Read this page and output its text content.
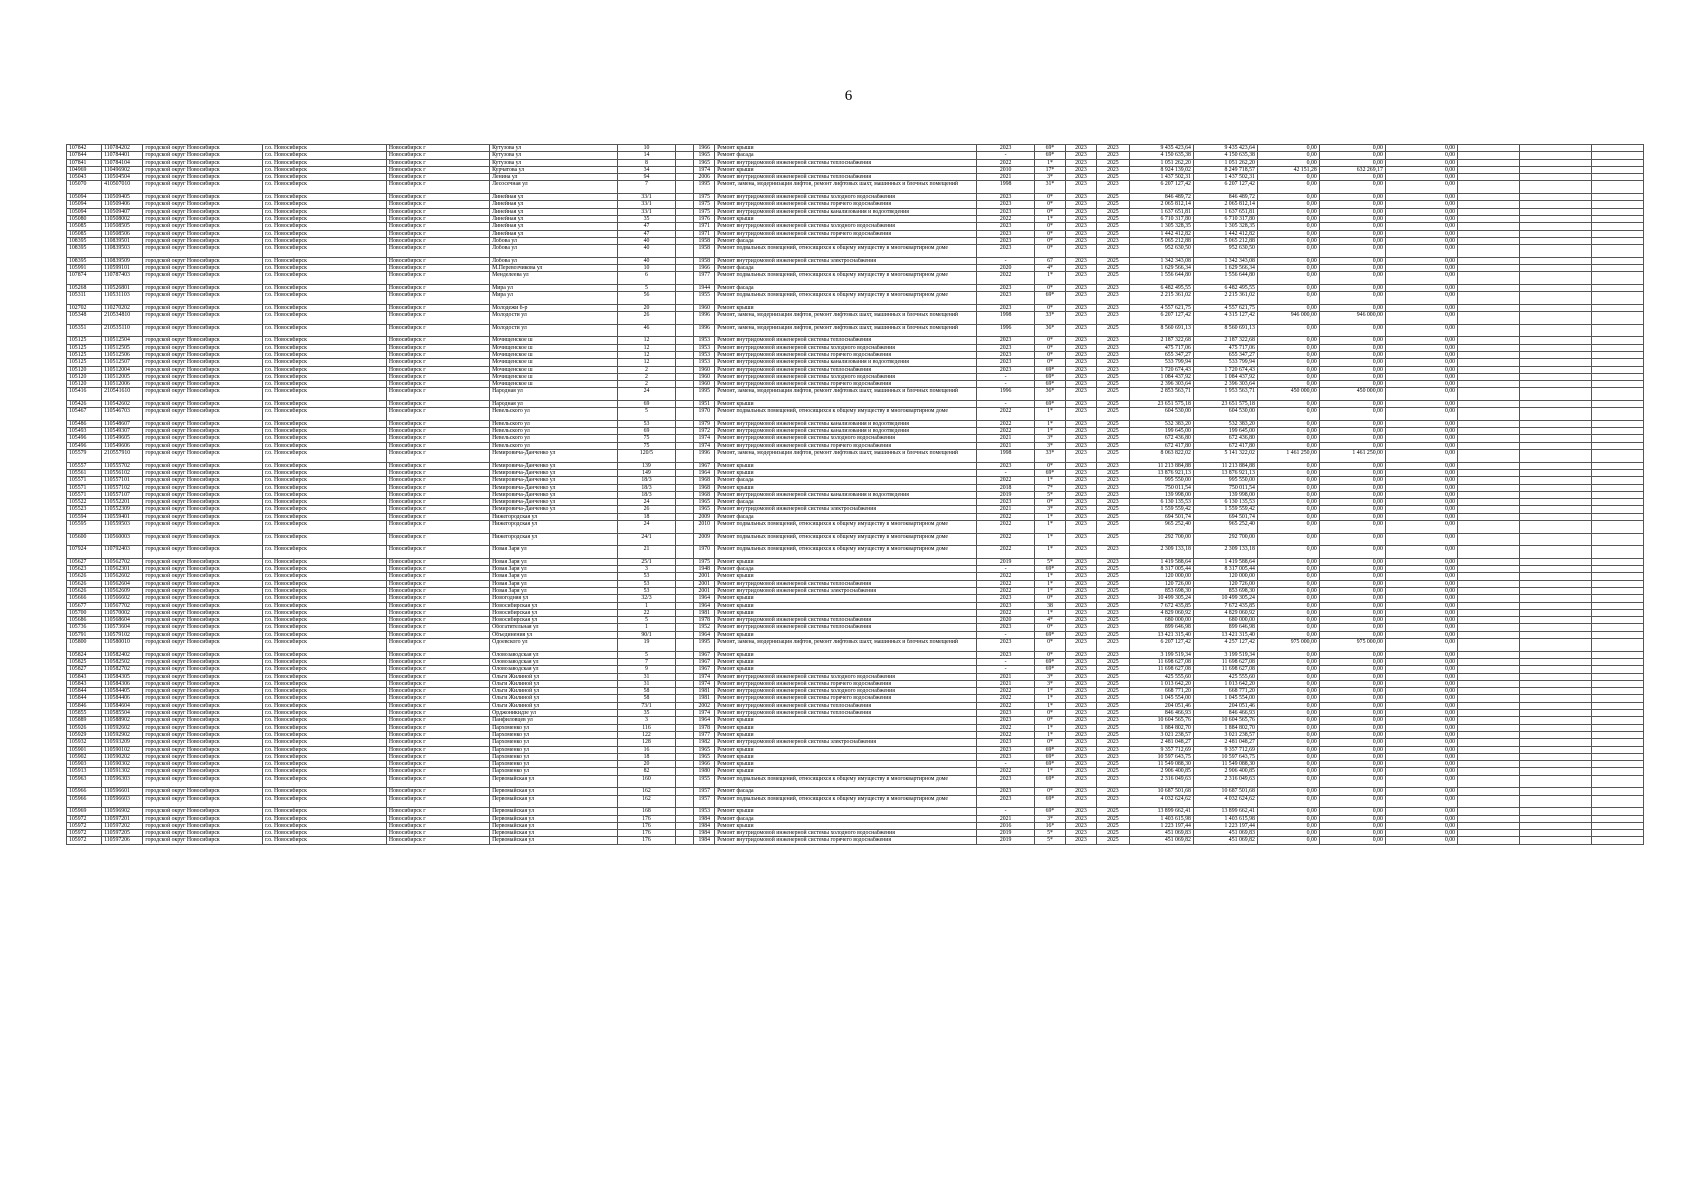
6
107842	110784202	городской округ Новосибирск	г.о. Новосибирск	Новосибирск г	Кутузова ул	10		1966	Ремонт крыши	2023	69*	2023	2023	9 435 423,64	9 435 423,64	0,00	0,00	0,00			
107844	110784401	городской округ Новосибирск	г.о. Новосибирск	Новосибирск г	Кутузова ул	14		1965	Ремонт фасада	-	69*	2023	2023	4 150 635,38	4 150 635,38	0,00	0,00	0,00			
107841	110784104	городской округ Новосибирск	г.о. Новосибирск	Новосибирск г	Кутузова ул	8		1965	Ремонт внутридомовой инженерной системы теплоснабжения	2022	1*	2023	2025	1 051 262,20	1 051 262,20	0,00	0,00	0,00			
104969	110496902	городской округ Новосибирск	г.о. Новосибирск	Новосибирск г	Курчатова ул	34		1974	Ремонт крыши	2010	17*	2023	2023	8 924 139,02	8 249 718,57	42 151,28	632 269,17	0,00			
105043	110504504	городской округ Новосибирск	г.о. Новосибирск	Новосибирск г	Ленина ул	94		2006	Ремонт внутридомовой инженерной системы теплоснабжения	2021	3*	2023	2025	1 437 502,31	1 437 502,31	0,00	0,00	0,00			
105070	410507010	городской округ Новосибирск	г.о. Новосибирск	Новосибирск г	Лесосечная ул	7		1995	Ремонт, замена, модернизация лифтов, ремонт лифтовых шахт, машинных и блочных помещений	1998	31*	2023	2023	6 207 127,42	6 207 127,42	0,00	0,00	0,00			
105094	110509405	городской округ Новосибирск	г.о. Новосибирск	Новосибирск г	Линейная ул	33/1		1975	Ремонт внутридомовой инженерной системы холодного водоснабжения	2023	0*	2023	2025	846 489,72	846 489,72	0,00	0,00	0,00			
105094	110509406	городской округ Новосибирск	г.о. Новосибирск	Новосибирск г	Линейная ул	33/1		1975	Ремонт внутридомовой инженерной системы горячего водоснабжения	2023	0*	2023	2025	2 065 812,14	2 065 812,14	0,00	0,00	0,00			
105094	110509407	городской округ Новосибирск	г.о. Новосибирск	Новосибирск г	Линейная ул	33/1		1975	Ремонт внутридомовой инженерной системы канализования и водоотведения	2023	0*	2023	2025	1 637 651,81	1 637 651,81	0,00	0,00	0,00			
105080	110508002	городской округ Новосибирск	г.о. Новосибирск	Новосибирск г	Линейная ул	35		1976	Ремонт крыши	2022	1*	2023	2025	6 710 317,80	6 710 317,80	0,00	0,00	0,00			
105085	110508505	городской округ Новосибирск	г.о. Новосибирск	Новосибирск г	Линейная ул	47		1971	Ремонт внутридомовой инженерной системы холодного водоснабжения	2023	0*	2023	2025	1 305 328,35	1 305 328,35	0,00	0,00	0,00			
105085	110508506	городской округ Новосибирск	г.о. Новосибирск	Новосибирск г	Линейная ул	47		1971	Ремонт внутридомовой инженерной системы горячего водоснабжения	2023	0*	2023	2025	1 442 412,82	1 442 412,82	0,00	0,00	0,00			
108395	110839501	городской округ Новосибирск	г.о. Новосибирск	Новосибирск г	Лобова ул	40		1958	Ремонт фасада	2023	0*	2023	2023	5 065 212,88	5 065 212,88	0,00	0,00	0,00			
108395	110839503	городской округ Новосибирск	г.о. Новосибирск	Новосибирск г	Лобова ул	40		1958	Ремонт подвальных помещений, относящихся к общему имуществу в многоквартирном доме	2023	0*	2023	2023	952 630,50	952 630,50	0,00	0,00	0,00			
108395	110839509	городской округ Новосибирск	г.о. Новосибирск	Новосибирск г	Лобова ул	40		1958	Ремонт внутридомовой инженерной системы электроснабжения	-	67	2023	2025	1 342 343,08	1 342 343,08	0,00	0,00	0,00			
105991	110599101	городской округ Новосибирск	г.о. Новосибирск	Новосибирск г	М.Перевозчикова ул	10		1966	Ремонт фасада	2020	4*	2023	2025	1 629 566,34	1 629 566,34	0,00	0,00	0,00			
107874	110787403	городской округ Новосибирск	г.о. Новосибирск	Новосибирск г	Менделеева ул	6		1977	Ремонт подвальных помещений, относящихся к общему имуществу в многоквартирном доме	2022	1*	2023	2025	1 556 644,80	1 556 644,80	0,00	0,00	0,00			
105268	110526801	городской округ Новосибирск	г.о. Новосибирск	Новосибирск г	Мира ул	5		1944	Ремонт фасада	2023	0*	2023	2023	6 482 495,55	6 482 495,55	0,00	0,00	0,00			
105311	110531103	городской округ Новосибирск	г.о. Новосибирск	Новосибирск г	Мира ул	56		1955	Ремонт подвальных помещений, относящихся к общему имуществу в многоквартирном доме	2023	69*	2023	2023	2 215 361,02	2 215 361,02	0,00	0,00	0,00			
102702	110270202	городской округ Новосибирск	г.о. Новосибирск	Новосибирск г	Молодежи б-р	20		1960	Ремонт крыши	2023	0*	2023	2023	4 557 621,75	4 557 621,75	0,00	0,00	0,00			
105348	210534810	городской округ Новосибирск	г.о. Новосибирск	Новосибирск г	Молодости ул	26		1996	Ремонт, замена, модернизация лифтов, ремонт лифтовых шахт, машинных и блочных помещений	1998	33*	2023	2023	6 207 127,42	4 315 127,42	946 000,00	946 000,00	0,00			
105351	210535110	городской округ Новосибирск	г.о. Новосибирск	Новосибирск г	Молодости ул	46		1996	Ремонт, замена, модернизация лифтов, ремонт лифтовых шахт, машинных и блочных помещений	1996	36*	2023	2025	8 560 691,13	8 560 691,13	0,00	0,00	0,00			
105125	110512504	городской округ Новосибирск	г.о. Новосибирск	Новосибирск г	Мочищенское ш	12		1953	Ремонт внутридомовой инженерной системы теплоснабжения	2023	0*	2023	2023	2 187 322,68	2 187 322,68	0,00	0,00	0,00			
105125	110512505	городской округ Новосибирск	г.о. Новосибирск	Новосибирск г	Мочищенское ш	12		1953	Ремонт внутридомовой инженерной системы холодного водоснабжения	2023	0*	2023	2023	475 717,06	475 717,06	0,00	0,00	0,00			
105125	110512506	городской округ Новосибирск	г.о. Новосибирск	Новосибирск г	Мочищенское ш	12		1953	Ремонт внутридомовой инженерной системы горячего водоснабжения	2023	0*	2023	2023	655 347,27	655 347,27	0,00	0,00	0,00			
105125	110512507	городской округ Новосибирск	г.о. Новосибирск	Новосибирск г	Мочищенское ш	12		1953	Ремонт внутридомовой инженерной системы канализования и водоотведения	2023	0*	2023	2023	533 799,94	533 799,94	0,00	0,00	0,00			
105120	110512004	городской округ Новосибирск	г.о. Новосибирск	Новосибирск г	Мочищенское ш	2		1960	Ремонт внутридомовой инженерной системы теплоснабжения	2023	69*	2023	2023	1 720 674,43	1 720 674,43	0,00	0,00	0,00			
105120	110512005	городской округ Новосибирск	г.о. Новосибирск	Новосибирск г	Мочищенское ш	2		1960	Ремонт внутридомовой инженерной системы холодного водоснабжения	-	69*	2023	2025	1 084 437,92	1 084 437,92	0,00	0,00	0,00			
105120	110512006	городской округ Новосибирск	г.о. Новосибирск	Новосибирск г	Мочищенское ш	2		1960	Ремонт внутридомовой инженерной системы горячего водоснабжения	-	69*	2023	2025	2 396 303,64	2 396 303,64	0,00	0,00	0,00			
105416	210541610	городской округ Новосибирск	г.о. Новосибирск	Новосибирск г	Народная ул	24		1995	Ремонт, замена, модернизация лифтов, ремонт лифтовых шахт, машинных и блочных помещений	1996	36*	2023	2025	2 853 563,71	1 953 563,71	450 000,00	450 000,00	0,00			
105426	110542602	городской округ Новосибирск	г.о. Новосибирск	Новосибирск г	Народная ул	69		1951	Ремонт крыши	-	69*	2023	2025	23 651 575,18	23 651 575,18	0,00	0,00	0,00			
105467	110546703	городской округ Новосибирск	г.о. Новосибирск	Новосибирск г	Невельского ул	5		1970	Ремонт подвальных помещений, относящихся к общему имуществу в многоквартирном доме	2022	1*	2023	2025	604 530,00	604 530,00	0,00	0,00	0,00			
105486	110548607	городской округ Новосибирск	г.о. Новосибирск	Новосибирск г	Невельского ул	53		1979	Ремонт внутридомовой инженерной системы канализования и водоотведения	2022	1*	2023	2025	532 383,20	532 383,20	0,00	0,00	0,00			
105493	110549307	городской округ Новосибирск	г.о. Новосибирск	Новосибирск г	Невельского ул	69		1972	Ремонт внутридомовой инженерной системы канализования и водоотведения	2022	1*	2023	2025	199 645,00	199 645,00	0,00	0,00	0,00			
105496	110549605	городской округ Новосибирск	г.о. Новосибирск	Новосибирск г	Невельского ул	75		1974	Ремонт внутридомовой инженерной системы холодного водоснабжения	2021	3*	2023	2025	672 436,80	672 436,80	0,00	0,00	0,00			
105496	110549606	городской округ Новосибирск	г.о. Новосибирск	Новосибирск г	Невельского ул	75		1974	Ремонт внутридомовой инженерной системы горячего водоснабжения	2021	3*	2023	2025	672 417,80	672 417,80	0,00	0,00	0,00			
105579	210557910	городской округ Новосибирск	г.о. Новосибирск	Новосибирск г	Немировича-Данченко ул	120/5		1996	Ремонт, замена, модернизация лифтов, ремонт лифтовых шахт, машинных и блочных помещений	1998	33*	2023	2025	8 063 822,02	5 141 322,02	1 461 250,00	1 461 250,00	0,00			
105557	110555702	городской округ Новосибирск	г.о. Новосибирск	Новосибирск г	Немировича-Данченко ул	139		1967	Ремонт крыши	2023	0*	2023	2023	11 213 884,88	11 213 884,88	0,00	0,00	0,00			
105561	110556102	городской округ Новосибирск	г.о. Новосибирск	Новосибирск г	Немировича-Данченко ул	149		1964	Ремонт крыши	-	69*	2023	2025	13 876 921,13	13 876 921,13	0,00	0,00	0,00			
105571	110557101	городской округ Новосибирск	г.о. Новосибирск	Новосибирск г	Немировича-Данченко ул	18/3		1968	Ремонт фасада	2022	1*	2023	2023	995 550,00	995 550,00	0,00	0,00	0,00			
105571	110557102	городской округ Новосибирск	г.о. Новосибирск	Новосибирск г	Немировича-Данченко ул	18/3		1968	Ремонт крыши	2018	7*	2023	2023	750 011,54	750 011,54	0,00	0,00	0,00			
105571	110557107	городской округ Новосибирск	г.о. Новосибирск	Новосибирск г	Немировича-Данченко ул	18/3		1968	Ремонт внутридомовой инженерной системы канализования и водоотведения	2019	5*	2023	2023	139 998,00	139 998,00	0,00	0,00	0,00			
105522	110552201	городской округ Новосибирск	г.о. Новосибирск	Новосибирск г	Немировича-Данченко ул	24		1965	Ремонт фасада	2023	0*	2023	2023	6 130 135,53	6 130 135,53	0,00	0,00	0,00			
105523	110552309	городской округ Новосибирск	г.о. Новосибирск	Новосибирск г	Немировича-Данченко ул	26		1965	Ремонт внутридомовой инженерной системы электроснабжения	2021	3*	2023	2025	1 559 559,42	1 559 559,42	0,00	0,00	0,00			
105594	110559401	городской округ Новосибирск	г.о. Новосибирск	Новосибирск г	Нижегородская ул	18		2009	Ремонт фасада	2022	1*	2023	2025	694 501,74	694 501,74	0,00	0,00	0,00			
105595	110559503	городской округ Новосибирск	г.о. Новосибирск	Новосибирск г	Нижегородская ул	24		2010	Ремонт подвальных помещений, относящихся к общему имуществу в многоквартирном доме	2022	1*	2023	2025	965 252,40	965 252,40	0,00	0,00	0,00			
105600	110560003	городской округ Новосибирск	г.о. Новосибирск	Новосибирск г	Нижегородская ул	24/1		2009	Ремонт подвальных помещений, относящихся к общему имуществу в многоквартирном доме	2022	1*	2023	2025	292 700,00	292 700,00	0,00	0,00	0,00			
107924	110792403	городской округ Новосибирск	г.о. Новосибирск	Новосибирск г	Новая Заря ул	21		1970	Ремонт подвальных помещений, относящихся к общему имуществу в многоквартирном доме	2022	1*	2023	2023	2 309 133,18	2 309 133,18	0,00	0,00	0,00			
105627	110562702	городской округ Новосибирск	г.о. Новосибирск	Новосибирск г	Новая Заря ул	25/1		1975	Ремонт крыши	2019	5*	2023	2023	1 419 588,64	1 419 588,64	0,00	0,00	0,00			
105623	110562301	городской округ Новосибирск	г.о. Новосибирск	Новосибирск г	Новая Заря ул	3		1948	Ремонт фасада	-	69*	2023	2025	8 317 005,44	8 317 005,44	0,00	0,00	0,00			
105626	110562602	городской округ Новосибирск	г.о. Новосибирск	Новосибирск г	Новая Заря ул	53		2001	Ремонт крыши	2022	1*	2023	2025	120 000,00	120 000,00	0,00	0,00	0,00			
105626	110562604	городской округ Новосибирск	г.о. Новосибирск	Новосибирск г	Новая Заря ул	53		2001	Ремонт внутридомовой инженерной системы теплоснабжения	2022	1*	2023	2025	120 726,00	120 726,00	0,00	0,00	0,00			
105626	110562609	городской округ Новосибирск	г.о. Новосибирск	Новосибирск г	Новая Заря ул	53		2001	Ремонт внутридомовой инженерной системы электроснабжения	2022	1*	2023	2025	853 698,30	853 698,30	0,00	0,00	0,00			
105666	110566602	городской округ Новосибирск	г.о. Новосибирск	Новосибирск г	Новогодняя ул	32/3		1964	Ремонт крыши	2023	0*	2023	2023	10 499 305,24	10 499 305,24	0,00	0,00	0,00			
105677	110567702	городской округ Новосибирск	г.о. Новосибирск	Новосибирск г	Новосибирская ул	1		1964	Ремонт крыши	2023	38	2023	2025	7 672 435,85	7 672 435,85	0,00	0,00	0,00			
105700	110570002	городской округ Новосибирск	г.о. Новосибирск	Новосибирск г	Новосибирская ул	22		1981	Ремонт крыши	2022	1*	2023	2023	4 829 060,92	4 829 060,92	0,00	0,00	0,00			
105686	110568604	городской округ Новосибирск	г.о. Новосибирск	Новосибирск г	Новосибирская ул	5		1978	Ремонт внутридомовой инженерной системы теплоснабжения	2020	4*	2023	2025	680 000,00	680 000,00	0,00	0,00	0,00			
105736	110573604	городской округ Новосибирск	г.о. Новосибирск	Новосибирск г	Обогатительная ул	1		1952	Ремонт внутридомовой инженерной системы теплоснабжения	2023	0*	2023	2023	899 646,98	899 646,98	0,00	0,00	0,00			
105791	110579102	городской округ Новосибирск	г.о. Новосибирск	Новосибирск г	Объединения ул	90/1		1964	Ремонт крыши	-	69*	2023	2025	13 421 315,40	13 421 315,40	0,00	0,00	0,00			
105800	110580010	городской округ Новосибирск	г.о. Новосибирск	Новосибирск г	Одоевского ул	19		1995	Ремонт, замена, модернизация лифтов, ремонт лифтовых шахт, машинных и блочных помещений	2023	0*	2023	2023	6 207 127,42	4 257 127,42	975 000,00	975 000,00	0,00			
105824	110582402	городской округ Новосибирск	г.о. Новосибирск	Новосибирск г	Оловозаводская ул	5		1967	Ремонт крыши	2023	0*	2023	2023	3 199 519,34	3 199 519,34	0,00	0,00	0,00			
105825	110582502	городской округ Новосибирск	г.о. Новосибирск	Новосибирск г	Оловозаводская ул	7		1967	Ремонт крыши	-	69*	2023	2025	11 698 627,08	11 698 627,08	0,00	0,00	0,00			
105827	110582702	городской округ Новосибирск	г.о. Новосибирск	Новосибирск г	Оловозаводская ул	9		1967	Ремонт крыши	-	69*	2023	2025	11 698 627,08	11 698 627,08	0,00	0,00	0,00			
105843	110584305	городской округ Новосибирск	г.о. Новосибирск	Новосибирск г	Ольги Жилиной ул	31		1974	Ремонт внутридомовой инженерной системы холодного водоснабжения	2021	3*	2023	2025	425 555,60	425 555,60	0,00	0,00	0,00			
105843	110584306	городской округ Новосибирск	г.о. Новосибирск	Новосибирск г	Ольги Жилиной ул	31		1974	Ремонт внутридомовой инженерной системы горячего водоснабжения	2021	3*	2023	2025	1 013 642,20	1 013 642,20	0,00	0,00	0,00			
105844	110584405	городской округ Новосибирск	г.о. Новосибирск	Новосибирск г	Ольги Жилиной ул	58		1981	Ремонт внутридомовой инженерной системы холодного водоснабжения	2022	1*	2023	2025	668 771,20	668 771,20	0,00	0,00	0,00			
105844	110584406	городской округ Новосибирск	г.о. Новосибирск	Новосибирск г	Ольги Жилиной ул	58		1981	Ремонт внутридомовой инженерной системы горячего водоснабжения	2022	1*	2023	2025	1 045 554,00	1 045 554,00	0,00	0,00	0,00			
105846	110584604	городской округ Новосибирск	г.о. Новосибирск	Новосибирск г	Ольги Жилиной ул	73/1		2002	Ремонт внутридомовой инженерной системы теплоснабжения	2022	1*	2023	2025	204 051,46	204 051,46	0,00	0,00	0,00			
105855	110585504	городской округ Новосибирск	г.о. Новосибирск	Новосибирск г	Орджоникидзе ул	35		1974	Ремонт внутридомовой инженерной системы теплоснабжения	2023	0*	2023	2025	846 466,93	846 466,93	0,00	0,00	0,00			
105889	110588902	городской округ Новосибирск	г.о. Новосибирск	Новосибирск г	Панфиловцев ул	3		1964	Ремонт крыши	2023	0*	2023	2023	10 604 565,76	10 604 565,76	0,00	0,00	0,00			
105926	110592602	городской округ Новосибирск	г.о. Новосибирск	Новосибирск г	Пархоменко ул	116		1978	Ремонт крыши	2022	1*	2023	2025	1 884 802,70	1 884 802,70	0,00	0,00	0,00			
105929	110592902	городской округ Новосибирск	г.о. Новосибирск	Новосибирск г	Пархоменко ул	122		1977	Ремонт крыши	2022	1*	2023	2025	3 021 238,57	3 021 238,57	0,00	0,00	0,00			
105932	110593209	городской округ Новосибирск	г.о. Новосибирск	Новосибирск г	Пархоменко ул	128		1982	Ремонт внутридомовой инженерной системы электроснабжения	2023	0*	2023	2023	2 481 048,27	2 481 048,27	0,00	0,00	0,00			
105901	110590102	городской округ Новосибирск	г.о. Новосибирск	Новосибирск г	Пархоменко ул	16		1965	Ремонт крыши	2023	69*	2023	2023	9 357 712,69	9 357 712,69	0,00	0,00	0,00			
105902	110590202	городской округ Новосибирск	г.о. Новосибирск	Новосибирск г	Пархоменко ул	18		1965	Ремонт крыши	2023	69*	2023	2023	10 597 643,75	10 597 643,75	0,00	0,00	0,00			
105903	110590302	городской округ Новосибирск	г.о. Новосибирск	Новосибирск г	Пархоменко ул	20		1966	Ремонт крыши	-	69*	2023	2025	11 549 088,30	11 549 088,30	0,00	0,00	0,00			
105913	110591302	городской округ Новосибирск	г.о. Новосибирск	Новосибирск г	Пархоменко ул	82		1980	Ремонт крыши	2022	1*	2023	2025	2 906 400,85	2 906 400,85	0,00	0,00	0,00			
105963	110596303	городской округ Новосибирск	г.о. Новосибирск	Новосибирск г	Первомайская ул	160		1955	Ремонт подвальных помещений, относящихся к общему имуществу в многоквартирном доме	2023	69*	2023	2023	2 316 049,63	2 316 049,63	0,00	0,00	0,00			
105966	110596601	городской округ Новосибирск	г.о. Новосибирск	Новосибирск г	Первомайская ул	162		1957	Ремонт фасада	2023	0*	2023	2023	10 687 501,68	10 687 501,68	0,00	0,00	0,00			
105966	110596603	городской округ Новосибирск	г.о. Новосибирск	Новосибирск г	Первомайская ул	162		1957	Ремонт подвальных помещений, относящихся к общему имуществу в многоквартирном доме	2023	69*	2023	2023	4 032 624,62	4 032 624,62	0,00	0,00	0,00			
105969	110596902	городской округ Новосибирск	г.о. Новосибирск	Новосибирск г	Первомайская ул	168		1953	Ремонт крыши	-	69*	2023	2025	13 899 662,41	13 899 662,41	0,00	0,00	0,00			
105972	110597201	городской округ Новосибирск	г.о. Новосибирск	Новосибирск г	Первомайская ул	176		1984	Ремонт фасада	2021	3*	2023	2025	1 403 615,98	1 403 615,98	0,00	0,00	0,00			
105972	110597202	городской округ Новосибирск	г.о. Новосибирск	Новосибирск г	Первомайская ул	176		1984	Ремонт крыши	2016	16*	2023	2025	1 223 197,44	1 223 197,44	0,00	0,00	0,00			
105972	110597205	городской округ Новосибирск	г.о. Новосибирск	Новосибирск г	Первомайская ул	176		1984	Ремонт внутридомовой инженерной системы холодного водоснабжения	2019	5*	2023	2025	451 069,83	451 069,83	0,00	0,00	0,00			
105972	110597206	городской округ Новосибирск	г.о. Новосибирск	Новосибирск г	Первомайская ул	176		1984	Ремонт внутридомовой инженерной системы горячего водоснабжения	2019	5*	2023	2025	451 069,82	451 069,82	0,00	0,00	0,00			
